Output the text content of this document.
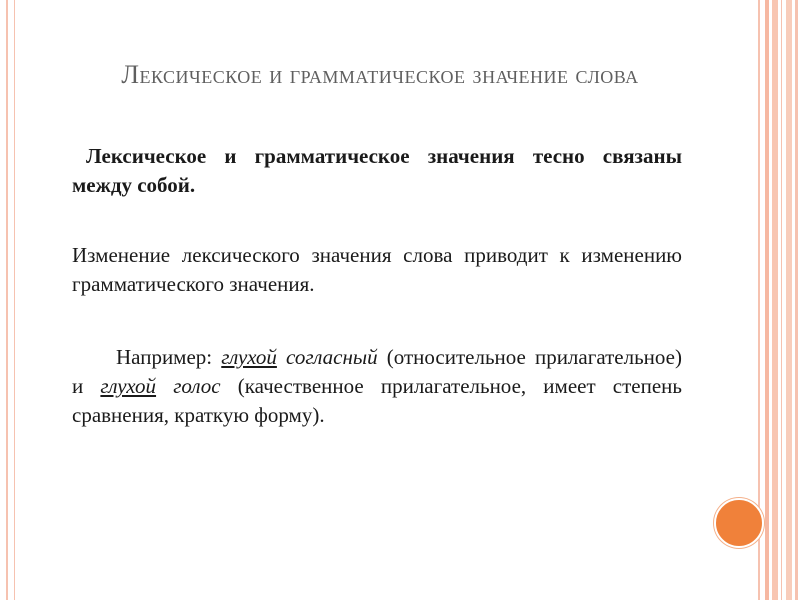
Лексическое и грамматическое значение слова

Лексическое и грамматическое значения тесно связаны между собой.

Изменение лексического значения слова приводит к изменению грамматического значения.

Например: глухой согласный (относительное прилагательное) и глухой голос (качественное прилагательное, имеет степень сравнения, краткую форму).
